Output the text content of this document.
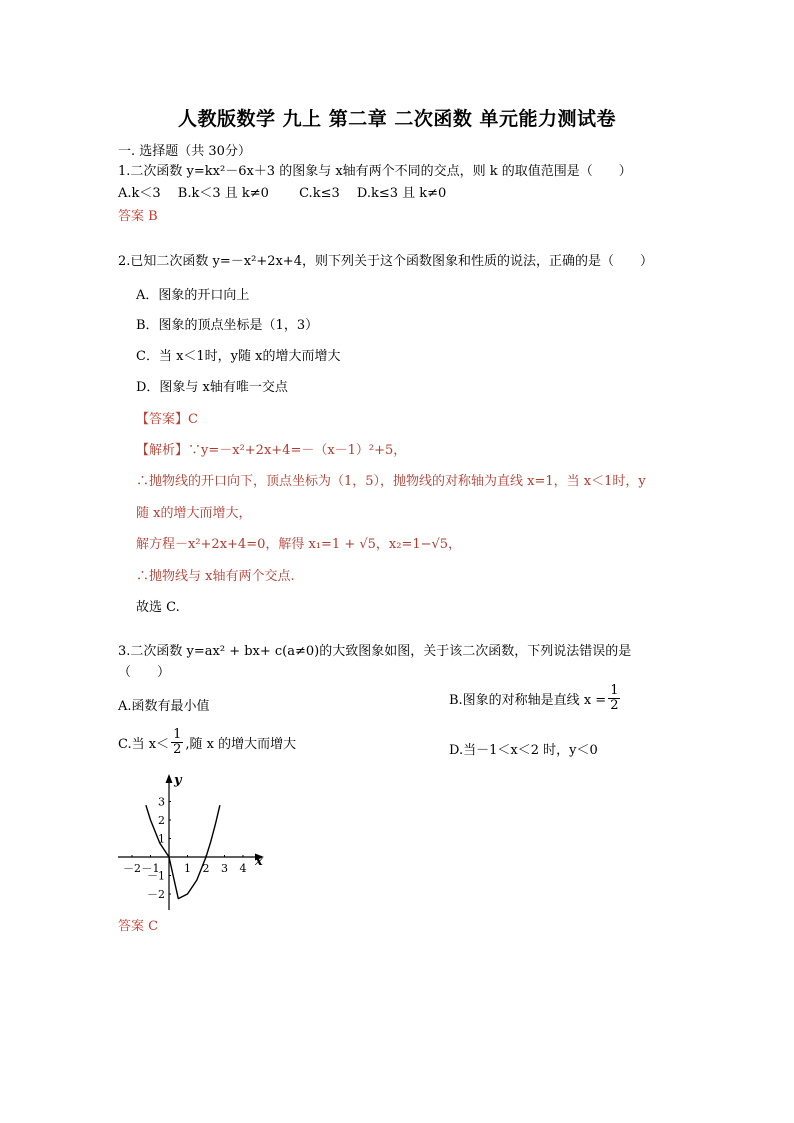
人教版数学 九上 第二章 二次函数 单元能力测试卷
一. 选择题（共 30分）
1.二次函数 y=kx²－6x＋3 的图象与 x轴有两个不同的交点，则 k 的取值范围是（　　）
A.k＜3　 B.k＜3 且 k≠0　　 C.k≤3　 D.k≤3 且 k≠0
答案 B
2.已知二次函数 y=－x²+2x+4，则下列关于这个函数图象和性质的说法，正确的是（　　）
A．图象的开口向上
B．图象的顶点坐标是（1，3）
C．当 x＜1时，y随 x的增大而增大
D．图象与 x轴有唯一交点
【答案】C
【解析】∵y=－x²+2x+4=－（x－1）²+5，
∴抛物线的开口向下，顶点坐标为（1，5），抛物线的对称轴为直线 x=1，当 x＜1时，y
随 x的增大而增大，
解方程－x²+2x+4=0，解得 x₁=1 + √5，x₂=1−√5，
∴抛物线与 x轴有两个交点.
故选 C.
3.二次函数 y=ax² + bx+ c(a≠0)的大致图象如图，关于该二次函数，下列说法错误的是
（　　）
A.函数有最小值	B.图象的对称轴是直线 $x = \frac{1}{2}$
C.当 $x< \frac{1}{2}$ ,随 x 的增大而增大	D.当－1＜x＜2 时，y＜0
x
y
－2 －1 1 2 3 4
3
2
1
－1
－2
答案 C
